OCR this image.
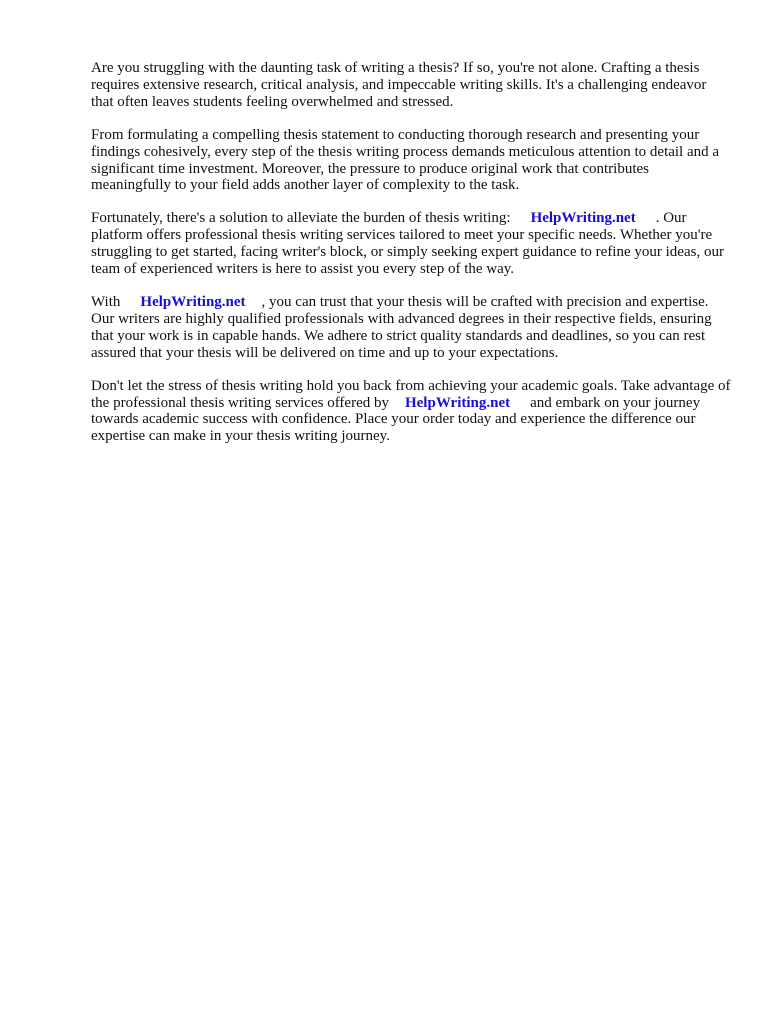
Are you struggling with the daunting task of writing a thesis? If so, you're not alone. Crafting a thesis requires extensive research, critical analysis, and impeccable writing skills. It's a challenging endeavor that often leaves students feeling overwhelmed and stressed.

From formulating a compelling thesis statement to conducting thorough research and presenting your findings cohesively, every step of the thesis writing process demands meticulous attention to detail and a significant time investment. Moreover, the pressure to produce original work that contributes meaningfully to your field adds another layer of complexity to the task.

Fortunately, there's a solution to alleviate the burden of thesis writing: HelpWriting.net . Our platform offers professional thesis writing services tailored to meet your specific needs. Whether you're struggling to get started, facing writer's block, or simply seeking expert guidance to refine your ideas, our team of experienced writers is here to assist you every step of the way.

With HelpWriting.net , you can trust that your thesis will be crafted with precision and expertise. Our writers are highly qualified professionals with advanced degrees in their respective fields, ensuring that your work is in capable hands. We adhere to strict quality standards and deadlines, so you can rest assured that your thesis will be delivered on time and up to your expectations.

Don't let the stress of thesis writing hold you back from achieving your academic goals. Take advantage of the professional thesis writing services offered by HelpWriting.net and embark on your journey towards academic success with confidence. Place your order today and experience the difference our expertise can make in your thesis writing journey.
